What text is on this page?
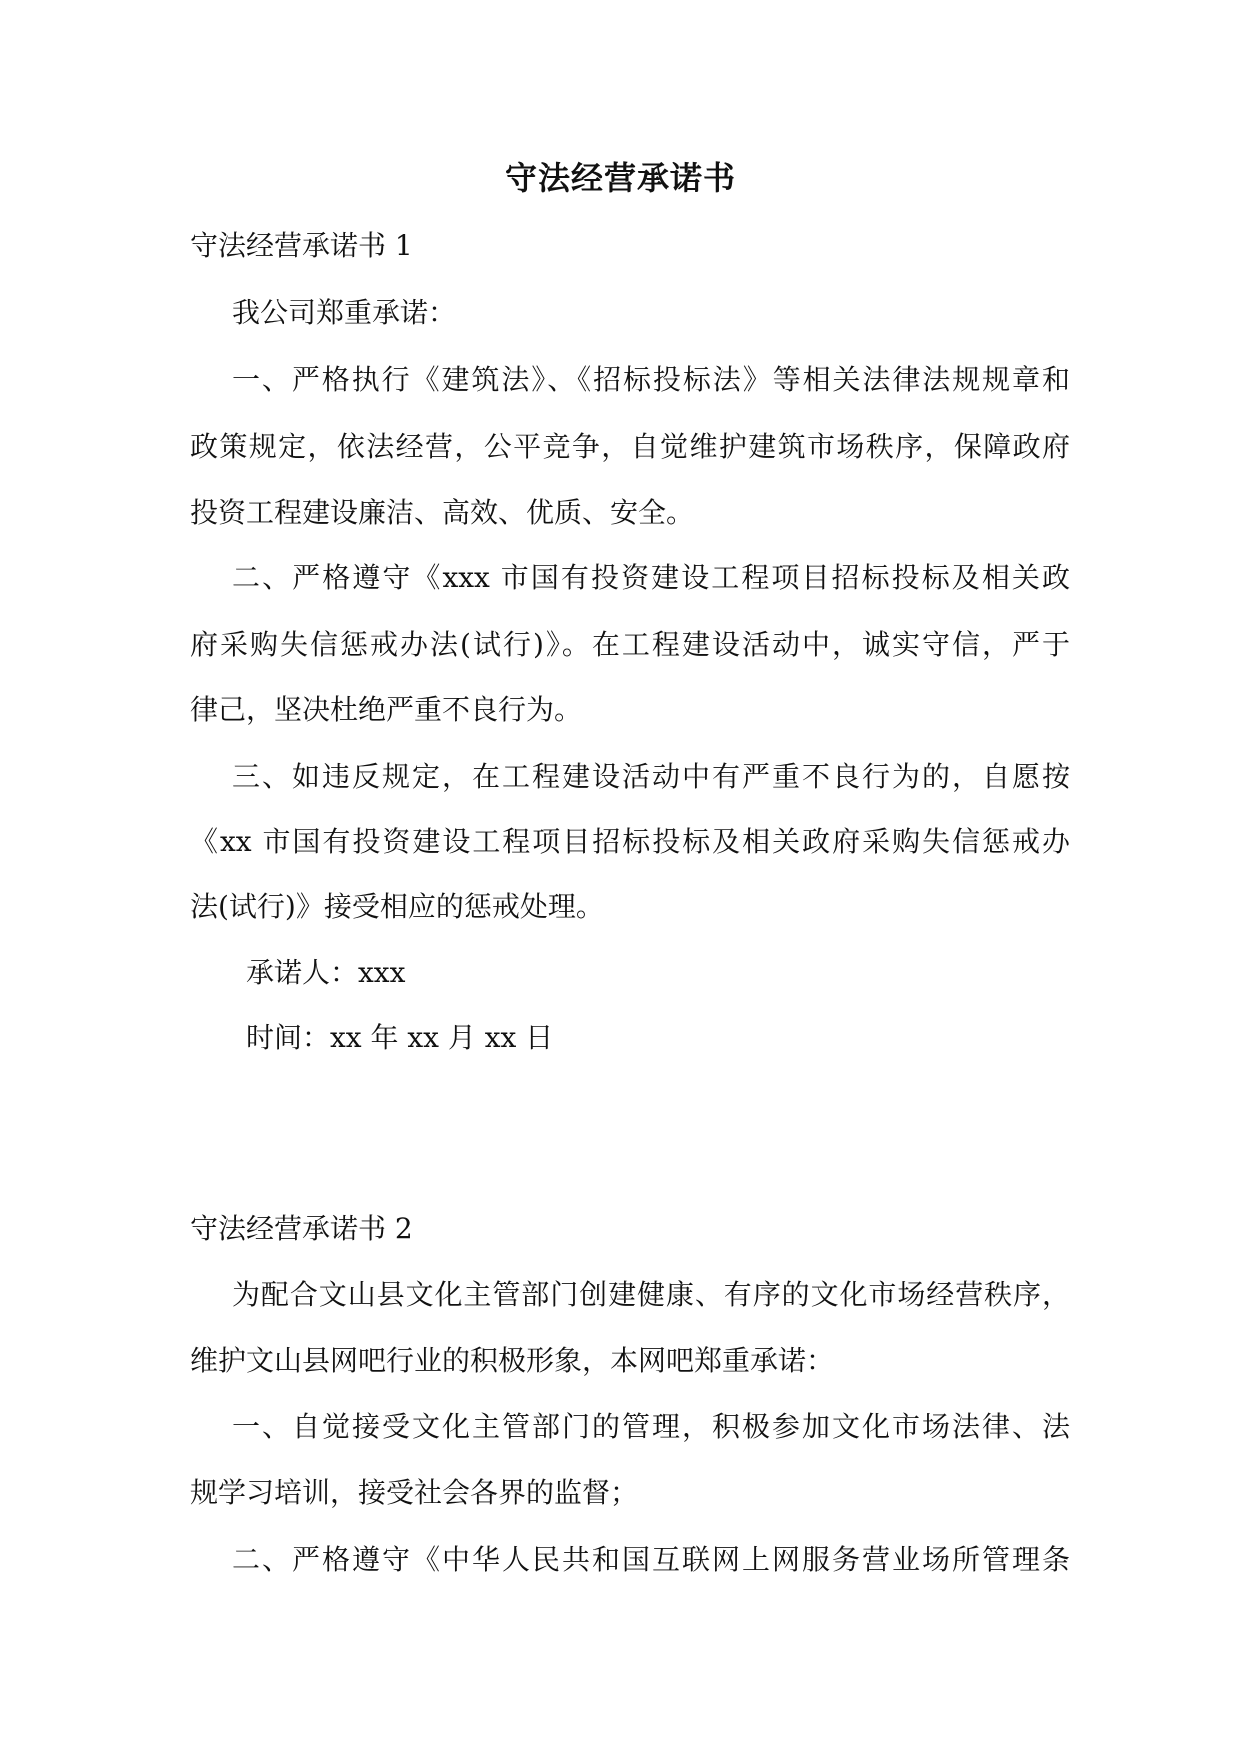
守法经营承诺书
守法经营承诺书 1
我公司郑重承诺：
一、严格执行《建筑法》、《招标投标法》等相关法律法规规章和
政策规定，依法经营，公平竞争，自觉维护建筑市场秩序，保障政府
投资工程建设廉洁、高效、优质、安全。
二、严格遵守《xxx 市国有投资建设工程项目招标投标及相关政
府采购失信惩戒办法(试行)》。在工程建设活动中，诚实守信，严于
律己，坚决杜绝严重不良行为。
三、如违反规定，在工程建设活动中有严重不良行为的，自愿按
《xx 市国有投资建设工程项目招标投标及相关政府采购失信惩戒办
法(试行)》接受相应的惩戒处理。
承诺人：xxx
时间：xx 年 xx 月 xx 日
守法经营承诺书 2
为配合文山县文化主管部门创建健康、有序的文化市场经营秩序，
维护文山县网吧行业的积极形象，本网吧郑重承诺：
一、自觉接受文化主管部门的管理，积极参加文化市场法律、法
规学习培训，接受社会各界的监督；
二、严格遵守《中华人民共和国互联网上网服务营业场所管理条
